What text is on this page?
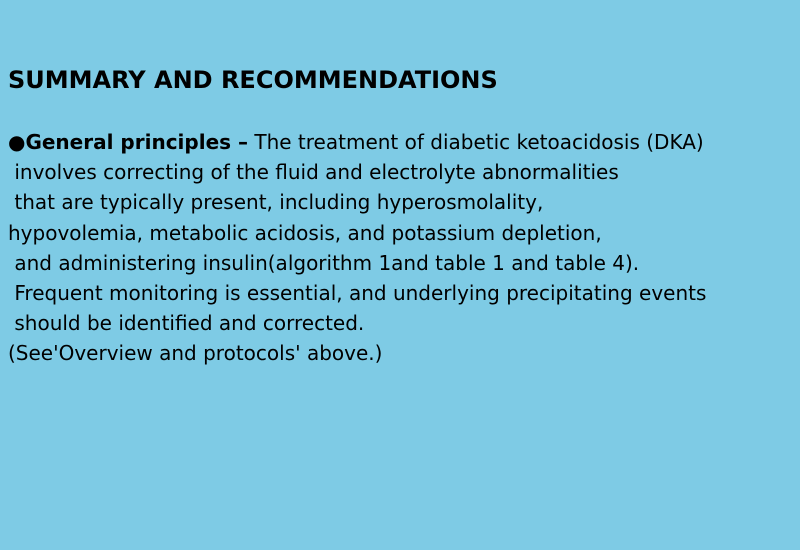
SUMMARY AND RECOMMENDATIONS
●General principles – The treatment of diabetic ketoacidosis (DKA)
involves correcting of the fluid and electrolyte abnormalities
that are typically present, including hyperosmolality,
hypovolemia, metabolic acidosis, and potassium depletion,
and administering insulin(algorithm 1and table 1 and table 4).
Frequent monitoring is essential, and underlying precipitating events
should be identified and corrected.
(See'Overview and protocols' above.)
